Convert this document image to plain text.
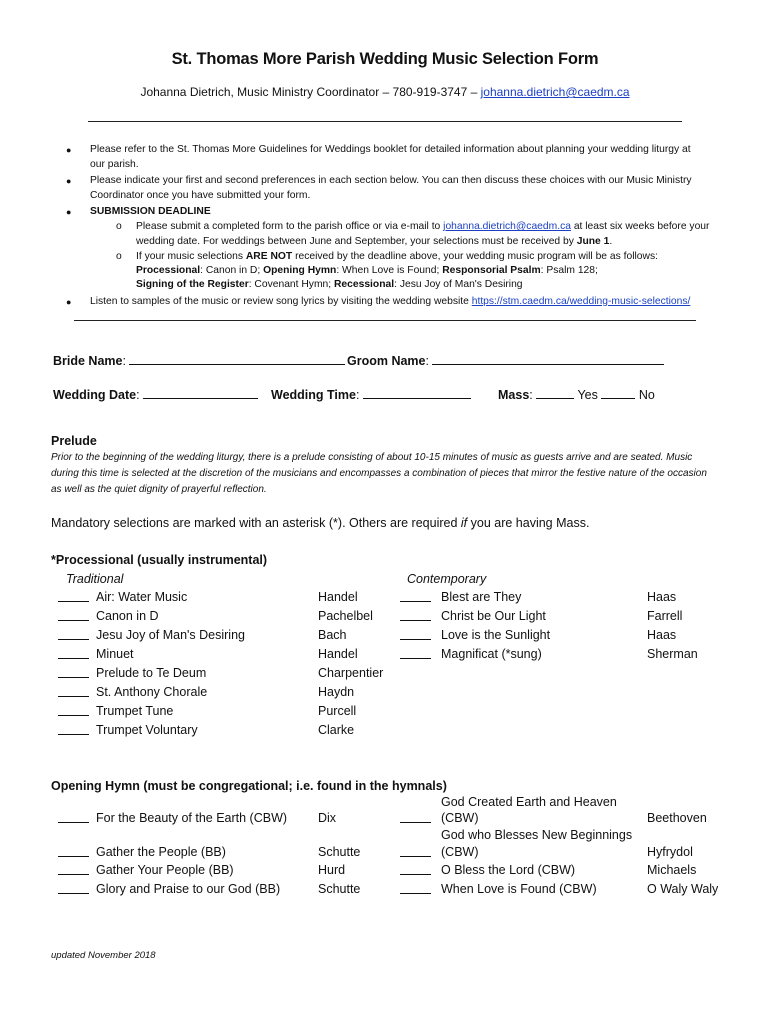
St. Thomas More Parish Wedding Music Selection Form
Johanna Dietrich, Music Ministry Coordinator – 780-919-3747 – johanna.dietrich@caedm.ca
● Please refer to the St. Thomas More Guidelines for Weddings booklet for detailed information about planning your wedding liturgy at
our parish.
● Please indicate your first and second preferences in each section below. You can then discuss these choices with our Music Ministry
Coordinator once you have submitted your form.
● SUBMISSION DEADLINE
o Please submit a completed form to the parish office or via e-mail to johanna.dietrich@caedm.ca at least six weeks before your
wedding date. For weddings between June and September, your selections must be received by June 1.
o If your music selections ARE NOT received by the deadline above, your wedding music program will be as follows:
Processional: Canon in D; Opening Hymn: When Love is Found; Responsorial Psalm: Psalm 128;
Signing of the Register: Covenant Hymn; Recessional: Jesu Joy of Man's Desiring
● Listen to samples of the music or review song lyrics by visiting the wedding website https://stm.caedm.ca/wedding-music-selections/
Bride Name:	Groom Name:
Wedding Date:	Wedding Time:	Mass:	Yes	No
Prelude
Prior to the beginning of the wedding liturgy, there is a prelude consisting of about 10-15 minutes of music as guests arrive and are seated. Music
during this time is selected at the discretion of the musicians and encompasses a combination of pieces that mirror the festive nature of the occasion
as well as the quiet dignity of prayerful reflection.
Mandatory selections are marked with an asterisk (*). Others are required if you are having Mass.
*Processional (usually instrumental)
Traditional	Contemporary
Air: Water Music	Handel
Canon in D	Pachelbel
Jesu Joy of Man's Desiring	Bach
Minuet	Handel
Prelude to Te Deum	Charpentier
St. Anthony Chorale	Haydn
Trumpet Tune	Purcell
Trumpet Voluntary	Clarke
Blest are They	Haas
Christ be Our Light	Farrell
Love is the Sunlight	Haas
Magnificat (*sung)	Sherman
Opening Hymn (must be congregational; i.e. found in the hymnals)
For the Beauty of the Earth (CBW) Dix
Gather the People (BB)	Schutte
Gather Your People (BB)	Hurd
Glory and Praise to our God (BB)	Schutte
God Created Earth and Heaven
(CBW)	Beethoven
God who Blesses New Beginnings
(CBW)	Hyfrydol
O Bless the Lord (CBW)	Michaels
When Love is Found (CBW)	O Waly Waly
updated November 2018
